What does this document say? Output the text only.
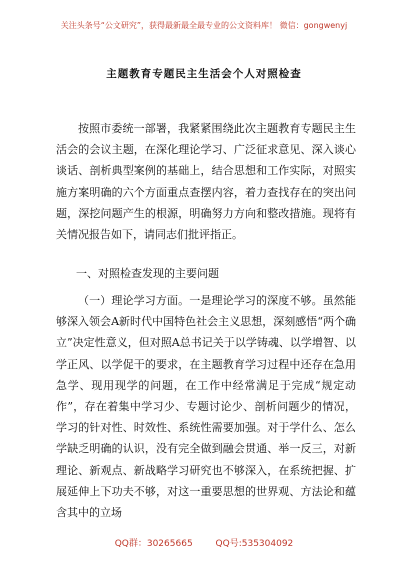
关注头条号“公文研究”，获得最新最全最专业的公文资料库！ 微信：gongwenyj
主题教育专题民主生活会个人对照检查

按照市委统一部署，我紧紧围绕此次主题教育专题民主生活会的会议主题，在深化理论学习、广泛征求意见、深入谈心谈话、剖析典型案例的基础上，结合思想和工作实际，对照实施方案明确的六个方面重点查摆内容，着力查找存在的突出问题，深挖问题产生的根源，明确努力方向和整改措施。现将有关情况报告如下，请同志们批评指正。

一、对照检查发现的主要问题

（一）理论学习方面。一是理论学习的深度不够。虽然能够深入领会A新时代中国特色社会主义思想，深刻感悟“两个确立”决定性意义，但对照A总书记关于以学铸魂、以学增智、以学正风、以学促干的要求，在主题教育学习过程中还存在急用急学、现用现学的问题，在工作中经常满足于完成“规定动作”，存在着集中学习少、专题讨论少、剖析问题少的情况，学习的针对性、时效性、系统性需要加强。对于学什么、怎么学缺乏明确的认识，没有完全做到融会贯通、举一反三，对新理论、新观点、新战略学习研究也不够深入，在系统把握、扩展延伸上下功夫不够，对这一重要思想的世界观、方法论和蕴含其中的立场

QQ群：30265665	QQ号:535304092
